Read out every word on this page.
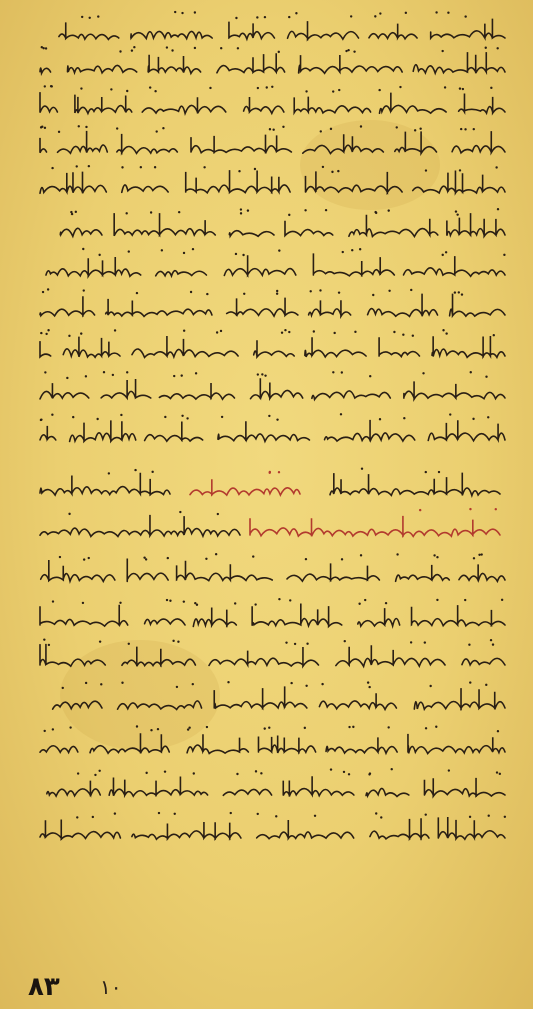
٨٣ ۱۰
